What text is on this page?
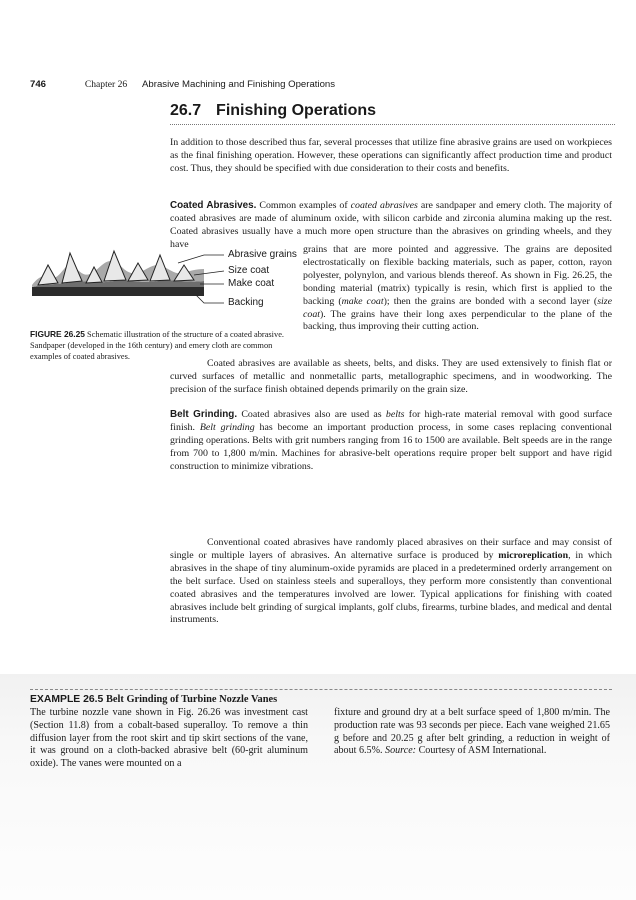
746	Chapter 26 Abrasive Machining and Finishing Operations
26.7 Finishing Operations

In addition to those described thus far, several processes that utilize fine abrasive grains are used on workpieces as the final finishing operation. However, these operations can significantly affect production time and product cost. Thus, they should be specified with due consideration to their costs and benefits.

Coated Abrasives. Common examples of coated abrasives are sandpaper and emery cloth. The majority of coated abrasives are made of aluminum oxide, with silicon carbide and zirconia alumina making up the rest. Coated abrasives usually have a much more open structure than the abrasives on grinding wheels, and they have

Abrasive grains
Size coat
Make coat
Backing
FIGURE 26.25 Schematic illustration of the structure of a coated abrasive. Sandpaper (developed in the 16th century) and emery cloth are common examples of coated abrasives.

grains that are more pointed and aggressive. The grains are deposited electrostatically on flexible backing materials, such as paper, cotton, rayon polyester, polynylon, and various blends thereof. As shown in Fig. 26.25, the bonding material (matrix) typically is resin, which first is applied to the backing (make coat); then the grains are bonded with a second layer (size coat). The grains have their long axes perpendicular to the plane of the backing, thus improving their cutting action.

Coated abrasives are available as sheets, belts, and disks. They are used extensively to finish flat or curved surfaces of metallic and nonmetallic parts, metallographic specimens, and in woodworking. The precision of the surface finish obtained depends primarily on the grain size.

Belt Grinding. Coated abrasives also are used as belts for high-rate material removal with good surface finish. Belt grinding has become an important production process, in some cases replacing conventional grinding operations. Belts with grit numbers ranging from 16 to 1500 are available. Belt speeds are in the range from 700 to 1,800 m/min. Machines for abrasive-belt operations require proper belt support and have rigid construction to minimize vibrations.

Conventional coated abrasives have randomly placed abrasives on their surface and may consist of single or multiple layers of abrasives. An alternative surface is produced by microreplication, in which abrasives in the shape of tiny aluminum-oxide pyramids are placed in a predetermined orderly arrangement on the belt surface. Used on stainless steels and superalloys, they perform more consistently than conventional coated abrasives and the temperatures involved are lower. Typical applications for finishing with coated abrasives include belt grinding of surgical implants, golf clubs, firearms, turbine blades, and medical and dental instruments.

EXAMPLE 26.5 Belt Grinding of Turbine Nozzle Vanes

The turbine nozzle vane shown in Fig. 26.26 was investment cast (Section 11.8) from a cobalt-based superalloy. To remove a thin diffusion layer from the root skirt and tip skirt sections of the vane, it was ground on a cloth-backed abrasive belt (60-grit aluminum oxide). The vanes were mounted on a

fixture and ground dry at a belt surface speed of 1,800 m/min. The production rate was 93 seconds per piece. Each vane weighed 21.65 g before and 20.25 g after belt grinding, a reduction in weight of about 6.5%. Source: Courtesy of ASM International.
